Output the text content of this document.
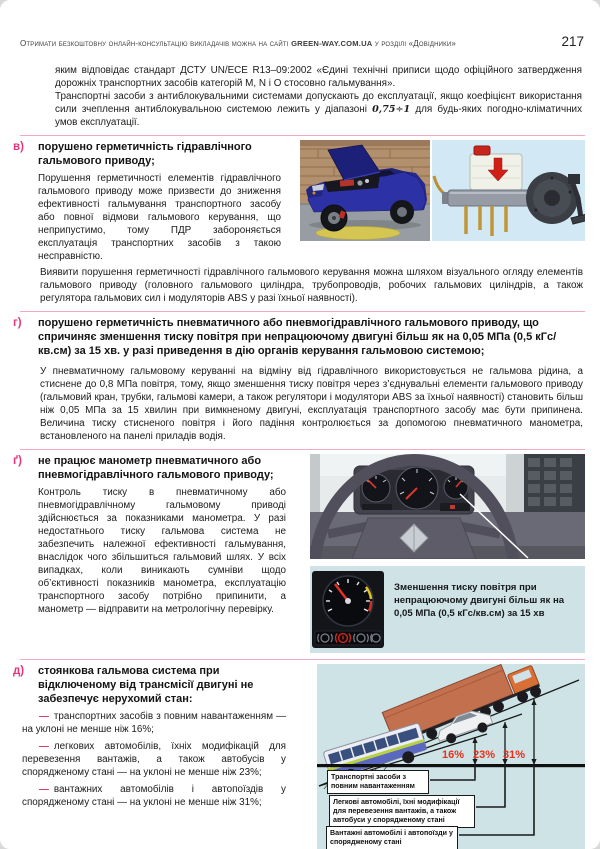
Отримати безкоштовну онлайн-консультацію викладачів можна на сайті GREEN-WAY.COM.UA у розділі «Довідники»	217

яким відповідає стандарт ДСТУ UN/ECE R13–09:2002 «Єдині технічні приписи щодо офіційного затвердження дорожніх транспортних засобів категорій M, N і О стосовно гальмування».

Транспортні засоби з антиблокувальними системами допускають до експлуатації, якщо коефіцієнт використання сили зчеплення антиблокувальною системою лежить у діапазоні 0,75÷1 для будь-яких погодно-кліматичних умов експлуатації.

в)	порушено герметичність гідравлічного гальмового приводу;

Порушення герметичності елементів гідравлічного гальмового приводу може призвести до зниження ефективності гальмування транспортного засобу або повної відмови гальмового керування, що неприпустимо, тому ПДР забороняється експлуатація транспортних засобів з такою несправністю.

Виявити порушення герметичності гідравлічного гальмового керування можна шляхом візуального огляду елементів гальмового приводу (головного гальмового циліндра, трубопроводів, робочих гальмових циліндрів, а також регулятора гальмових сил і модуляторів ABS у разі їхньої наявності).

г)	порушено герметичність пневматичного або пневмогідравлічного гальмового приводу, що спричиняє зменшення тиску повітря при непрацюючому двигуні більш як на 0,05 МПа (0,5 кГс/кв.см) за 15 хв. у разі приведення в дію органів керування гальмовою системою;

У пневматичному гальмовому керуванні на відміну від гідравлічного використовується не гальмова рідина, а стиснене до 0,8 МПа повітря, тому, якщо зменшення тиску повітря через з’єднувальні елементи гальмового приводу (гальмовий кран, трубки, гальмові камери, а також регулятори і модулятори ABS за їхньої наявності) становить більш ніж 0,05 МПа за 15 хвилин при вимкненому двигуні, експлуатація транспортного засобу має бути припинена. Величина тиску стисненого повітря і його падіння контролюється за допомогою пневматичного манометра, встановленого на панелі приладів водія.

ґ)	не працює манометр пневматичного або пневмогідравлічного гальмового приводу;

Контроль тиску в пневматичному або пневмогідравлічному гальмовому приводі здійснюється за показниками манометра. У разі недостатнього тиску гальмова система не забезпечить належної ефективності гальмування, внаслідок чого збільшиться гальмовий шлях. У всіх випадках, коли виникають сумніви щодо об’єктивності показників манометра, експлуатацію транспортного засобу потрібно припинити, а манометр — відправити на метрологічну перевірку.

Зменшення тиску повітря при непрацюючому двигуні більш як на 0,05 МПа (0,5 кГс/кв.см) за 15 хв
д)	стоянкова гальмова система при відключеному від трансмісії двигуні не забезпечує нерухомий стан:

— транспортних засобів з повним навантаженням — на уклоні не менше ніж 16%;

— легкових автомобілів, їхніх модифікацій для перевезення вантажів, а також автобусів у спорядженому стані — на уклоні не менше ніж 23%;

— вантажних автомобілів і автопоїздів у спорядженому стані — на уклоні не менше ніж 31%;

16% 23% 31%
Транспортні засоби з повним навантаженням
Легкові автомобілі, їхні модифікації для перевезення вантажів, а також автобуси у спорядженому стані
Вантажні автомобілі і автопоїзди у спорядженому стані
